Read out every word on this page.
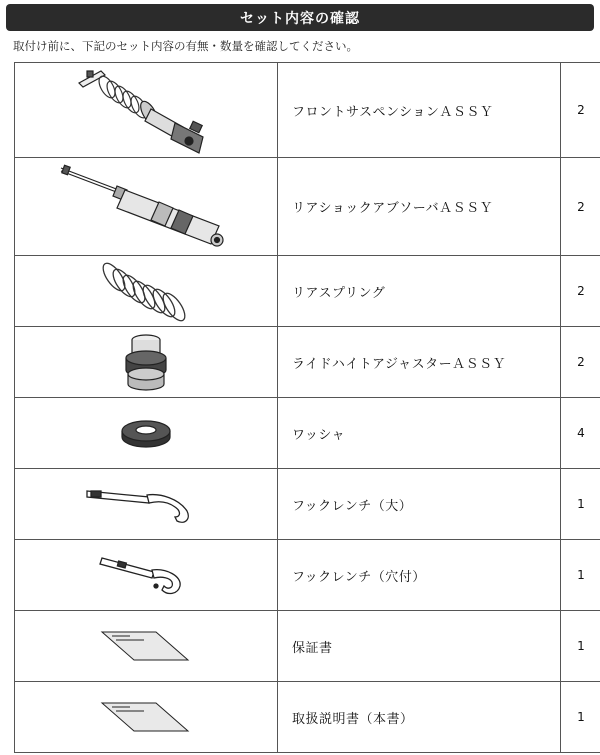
セット内容の確認
取付け前に、下記のセット内容の有無・数量を確認してください。
	フロントサスペンションＡＳＳＹ	2

	リアショックアブソーバＡＳＳＹ	2

	リアスプリング	2

	ライドハイトアジャスターＡＳＳＹ	2

	ワッシャ	4

	フックレンチ（大）	1

	フックレンチ（穴付）	1

	保証書	1

	取扱説明書（本書）	1
